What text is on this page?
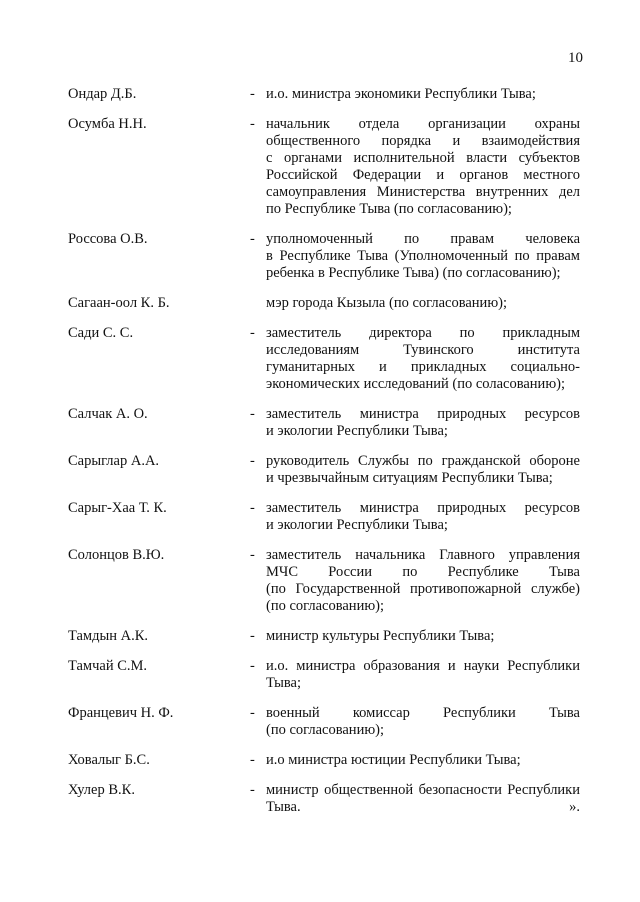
10
Ондар Д.Б.	- и.о. министра экономики Республики Тыва;
Осумба Н.Н.	- начальник отдела организации охраны
общественного порядка и взаимодействия
с органами исполнительной власти субъектов
Российской Федерации и органов местного
самоуправления Министерства внутренних дел
по Республике Тыва (по согласованию);
Россова О.В.	- уполномоченный по правам человека
в Республике Тыва (Уполномоченный по правам
ребенка в Республике Тыва) (по согласованию);
Сагаан-оол К. Б.	мэр города Кызыла (по согласованию);
Сади С. С.	- заместитель директора по прикладным
исследованиям Тувинского института
гуманитарных и прикладных социально-
экономических исследований (по соласованию);
Салчак А. О.	- заместитель министра природных ресурсов
и экологии Республики Тыва;
Сарыглар А.А.	- руководитель Службы по гражданской обороне
и чрезвычайным ситуациям Республики Тыва;
Сарыг-Хаа Т. К.	- заместитель министра природных ресурсов
и экологии Республики Тыва;
Солонцов В.Ю.	- заместитель начальника Главного управления
МЧС России по Республике Тыва
(по Государственной противопожарной службе)
(по согласованию);
Тамдын А.К.	- министр культуры Республики Тыва;
Тамчай С.М.	- и.о. министра образования и науки Республики
Тыва;
Францевич Н. Ф.	- военный комиссар Республики Тыва
(по согласованию);
Ховалыг Б.С.	- и.о министра юстиции Республики Тыва;
Хулер В.К.	- министр общественной безопасности Республики
Тыва.	».
